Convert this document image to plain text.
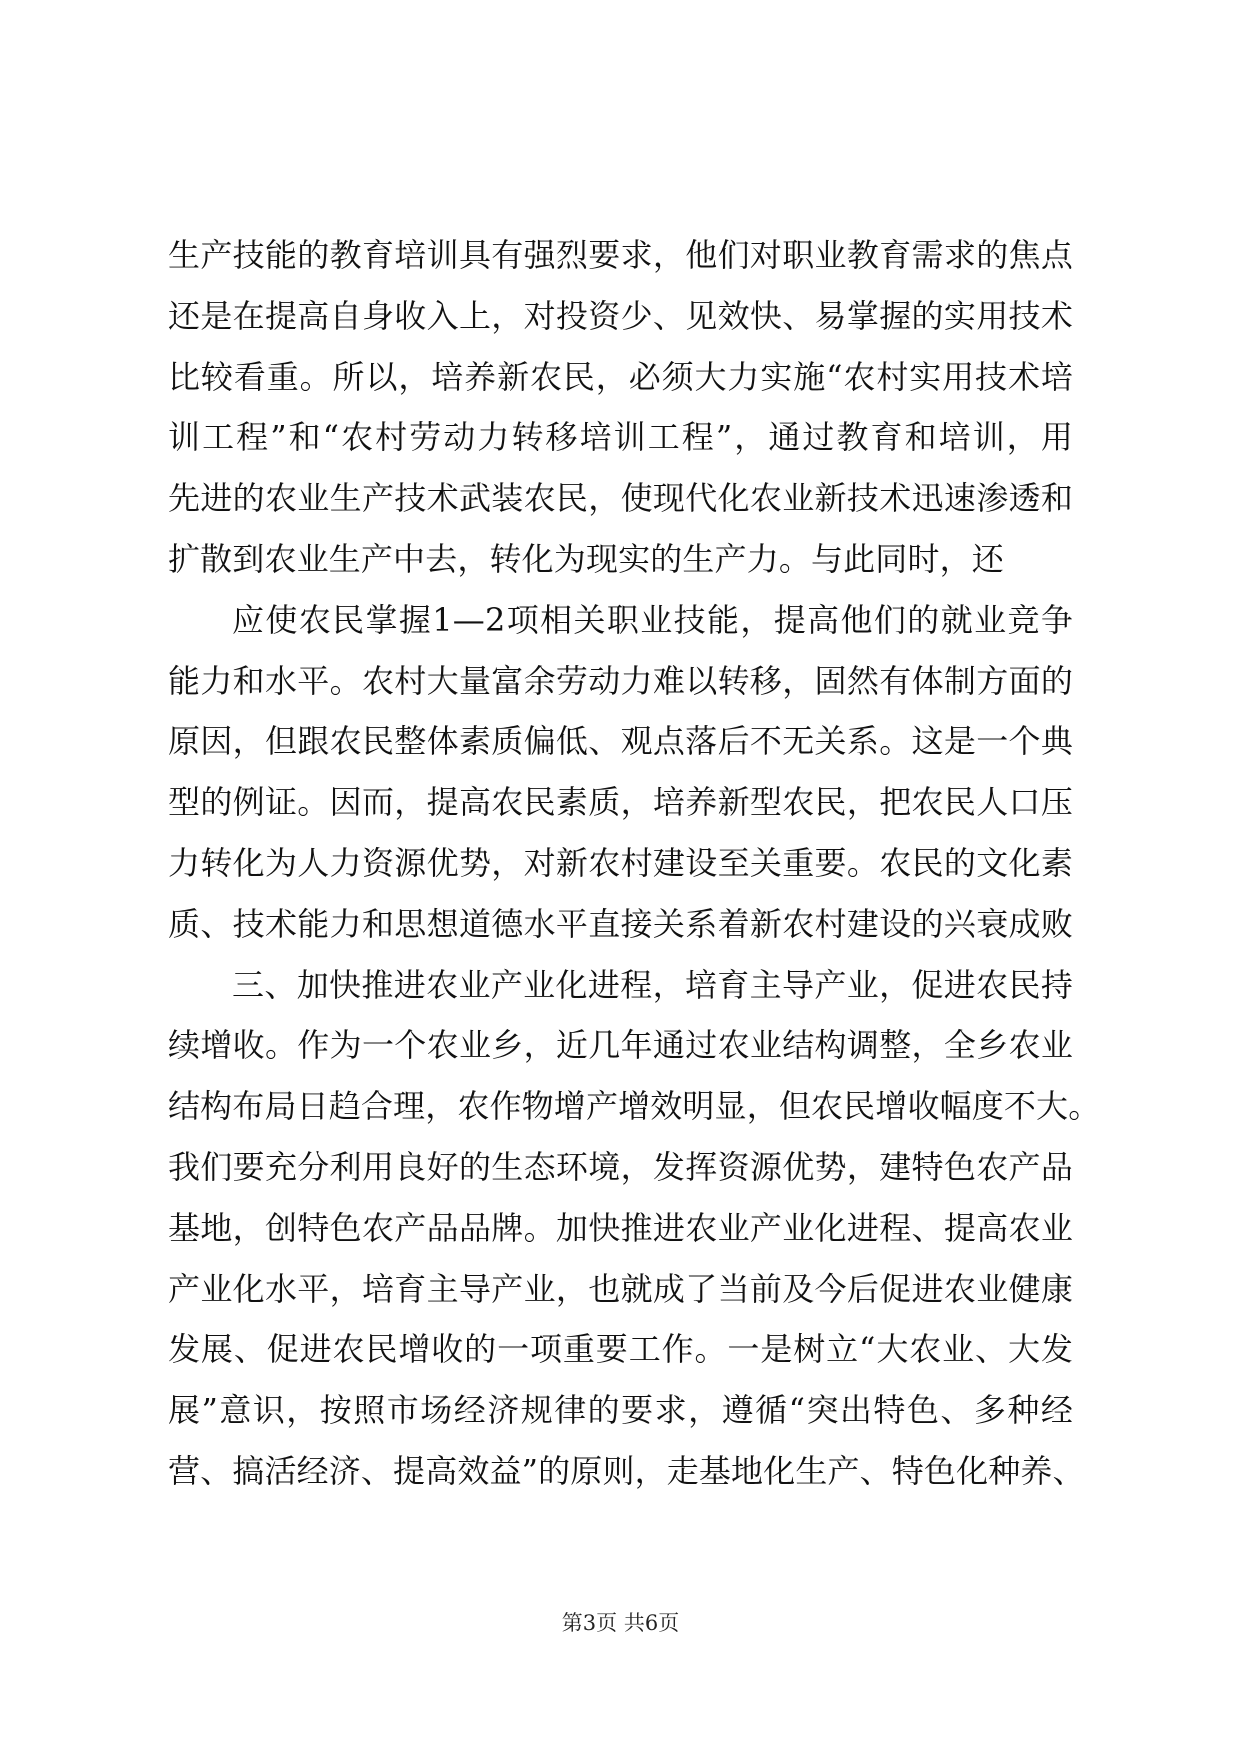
生产技能的教育培训具有强烈要求，他们对职业教育需求的焦点
还是在提高自身收入上，对投资少、见效快、易掌握的实用技术
比较看重。所以，培养新农民，必须大力实施“农村实用技术培
训工程”和“农村劳动力转移培训工程”，通过教育和培训，用
先进的农业生产技术武装农民，使现代化农业新技术迅速渗透和
扩散到农业生产中去，转化为现实的生产力。与此同时，还
应使农民掌握1—2项相关职业技能，提高他们的就业竞争
能力和水平。农村大量富余劳动力难以转移，固然有体制方面的
原因，但跟农民整体素质偏低、观点落后不无关系。这是一个典
型的例证。因而，提高农民素质，培养新型农民，把农民人口压
力转化为人力资源优势，对新农村建设至关重要。农民的文化素
质、技术能力和思想道德水平直接关系着新农村建设的兴衰成败
三、加快推进农业产业化进程，培育主导产业，促进农民持
续增收。作为一个农业乡，近几年通过农业结构调整，全乡农业
结构布局日趋合理，农作物增产增效明显，但农民增收幅度不大。
我们要充分利用良好的生态环境，发挥资源优势，建特色农产品
基地，创特色农产品品牌。加快推进农业产业化进程、提高农业
产业化水平，培育主导产业，也就成了当前及今后促进农业健康
发展、促进农民增收的一项重要工作。一是树立“大农业、大发
展”意识，按照市场经济规律的要求，遵循“突出特色、多种经
营、搞活经济、提高效益”的原则，走基地化生产、特色化种养、
第3页 共6页
